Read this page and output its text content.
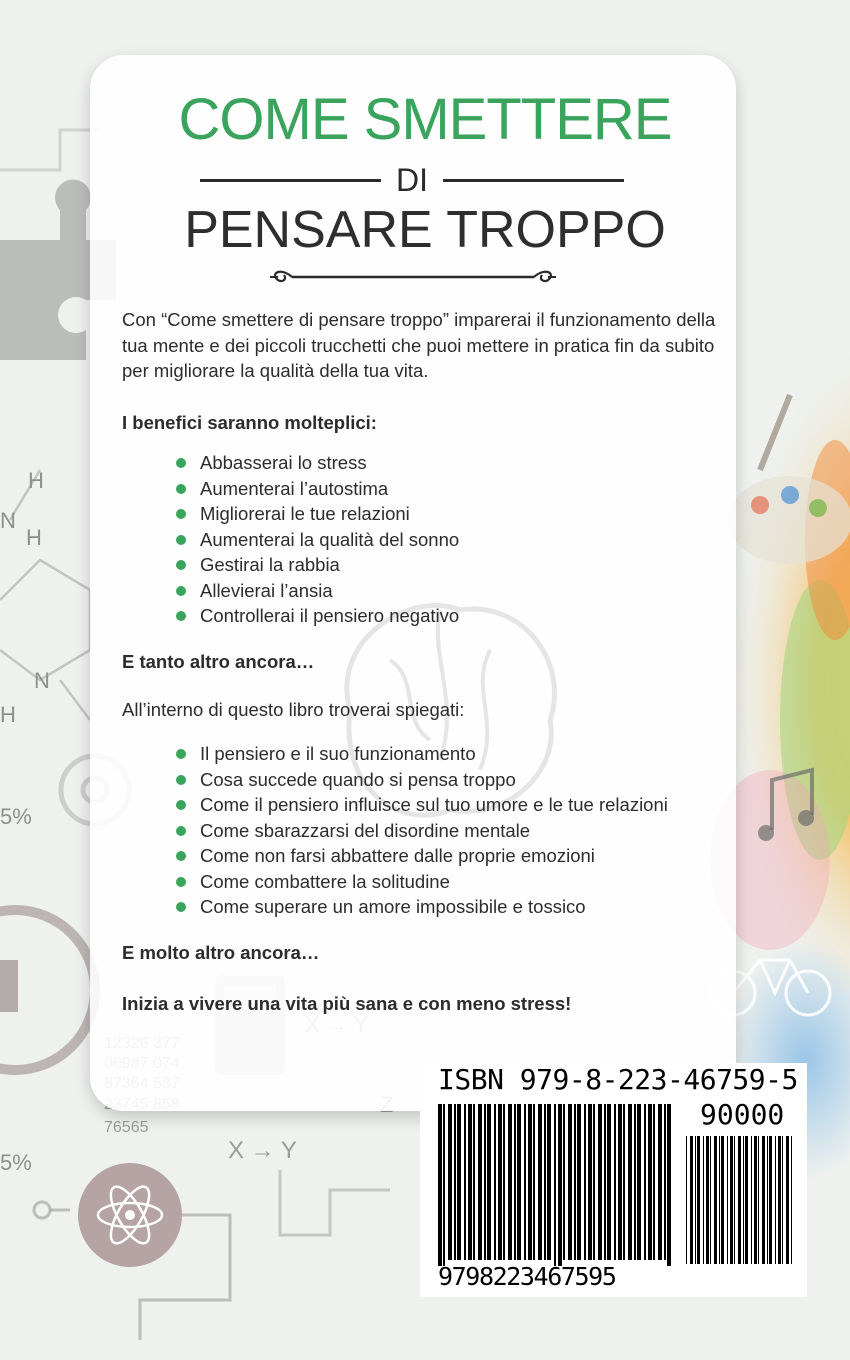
H
N
H
N
H
5%
76565
X → Y
5%
COME SMETTERE
DI
PENSARE TROPPO

Con “Come smettere di pensare troppo” imparerai il funzionamento della tua mente e dei piccoli trucchetti che puoi mettere in pratica fin da subito per migliorare la qualità della tua vita.

I benefici saranno molteplici:

Abbasserai lo stress
Aumenterai l’autostima
Migliorerai le tue relazioni
Aumenterai la qualità del sonno
Gestirai la rabbia
Allevierai l’ansia
Controllerai il pensiero negativo

E tanto altro ancora…

All’interno di questo libro troverai spiegati:

Il pensiero e il suo funzionamento
Cosa succede quando si pensa troppo
Come il pensiero influisce sul tuo umore e le tue relazioni
Come sbarazzarsi del disordine mentale
Come non farsi abbattere dalle proprie emozioni
Come combattere la solitudine
Come superare un amore impossibile e tossico

E molto altro ancora…

Inizia a vivere una vita più sana e con meno stress!

ISBN 979-8-223-46759-5
90000
9798223467595
